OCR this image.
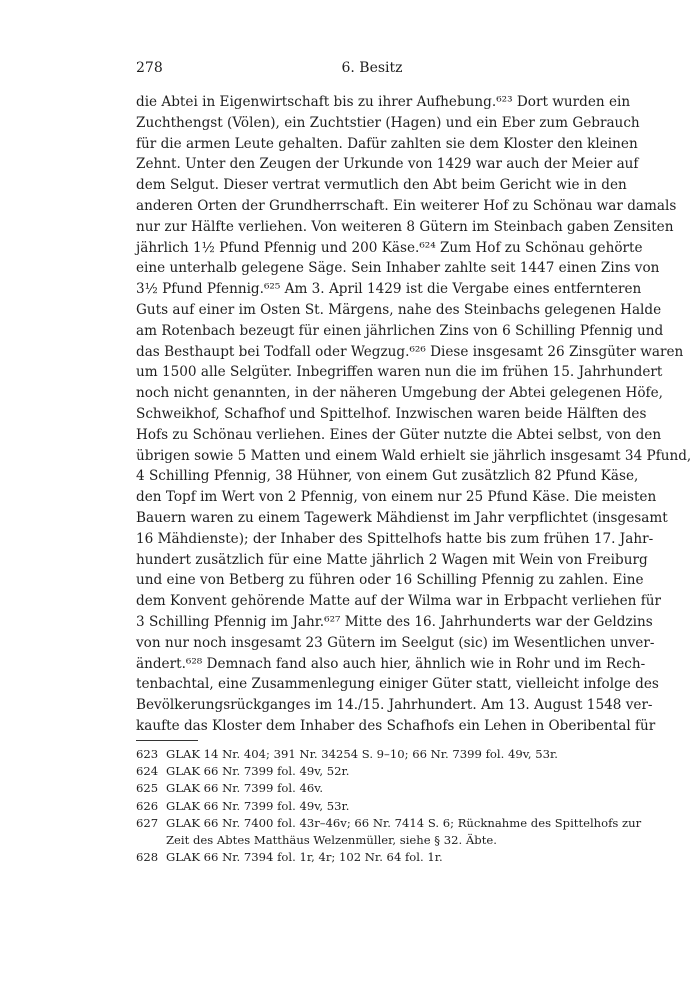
278	6. Besitz
die Abtei in Eigenwirtschaft bis zu ihrer Aufhebung.⁶²³ Dort wurden ein
Zuchthengst (Völen), ein Zuchtstier (Hagen) und ein Eber zum Gebrauch
für die armen Leute gehalten. Dafür zahlten sie dem Kloster den kleinen
Zehnt. Unter den Zeugen der Urkunde von 1429 war auch der Meier auf
dem Selgut. Dieser vertrat vermutlich den Abt beim Gericht wie in den
anderen Orten der Grundherrschaft. Ein weiterer Hof zu Schönau war damals
nur zur Hälfte verliehen. Von weiteren 8 Gütern im Steinbach gaben Zensiten
jährlich 1½ Pfund Pfennig und 200 Käse.⁶²⁴ Zum Hof zu Schönau gehörte
eine unterhalb gelegene Säge. Sein Inhaber zahlte seit 1447 einen Zins von
3½ Pfund Pfennig.⁶²⁵ Am 3. April 1429 ist die Vergabe eines entfernteren
Guts auf einer im Osten St. Märgens, nahe des Steinbachs gelegenen Halde
am Rotenbach bezeugt für einen jährlichen Zins von 6 Schilling Pfennig und
das Besthaupt bei Todfall oder Wegzug.⁶²⁶ Diese insgesamt 26 Zinsgüter waren
um 1500 alle Selgüter. Inbegriffen waren nun die im frühen 15. Jahrhundert
noch nicht genannten, in der näheren Umgebung der Abtei gelegenen Höfe,
Schweikhof, Schafhof und Spittelhof. Inzwischen waren beide Hälften des
Hofs zu Schönau verliehen. Eines der Güter nutzte die Abtei selbst, von den
übrigen sowie 5 Matten und einem Wald erhielt sie jährlich insgesamt 34 Pfund,
4 Schilling Pfennig, 38 Hühner, von einem Gut zusätzlich 82 Pfund Käse,
den Topf im Wert von 2 Pfennig, von einem nur 25 Pfund Käse. Die meisten
Bauern waren zu einem Tagewerk Mähdienst im Jahr verpflichtet (insgesamt
16 Mähdienste); der Inhaber des Spittelhofs hatte bis zum frühen 17. Jahr-
hundert zusätzlich für eine Matte jährlich 2 Wagen mit Wein von Freiburg
und eine von Betberg zu führen oder 16 Schilling Pfennig zu zahlen. Eine
dem Konvent gehörende Matte auf der Wilma war in Erbpacht verliehen für
3 Schilling Pfennig im Jahr.⁶²⁷ Mitte des 16. Jahrhunderts war der Geldzins
von nur noch insgesamt 23 Gütern im Seelgut (sic) im Wesentlichen unver-
ändert.⁶²⁸ Demnach fand also auch hier, ähnlich wie in Rohr und im Rech-
tenbachtal, eine Zusammenlegung einiger Güter statt, vielleicht infolge des
Bevölkerungsrückganges im 14./15. Jahrhundert. Am 13. August 1548 ver-
kaufte das Kloster dem Inhaber des Schafhofs ein Lehen in Oberibental für
623 GLAK 14 Nr. 404; 391 Nr. 34254 S. 9–10; 66 Nr. 7399 fol. 49v, 53r.
624 GLAK 66 Nr. 7399 fol. 49v, 52r.
625 GLAK 66 Nr. 7399 fol. 46v.
626 GLAK 66 Nr. 7399 fol. 49v, 53r.
627 GLAK 66 Nr. 7400 fol. 43r–46v; 66 Nr. 7414 S. 6; Rücknahme des Spittelhofs zur
Zeit des Abtes Matthäus Welzenmüller, siehe § 32. Äbte.
628 GLAK 66 Nr. 7394 fol. 1r, 4r; 102 Nr. 64 fol. 1r.
